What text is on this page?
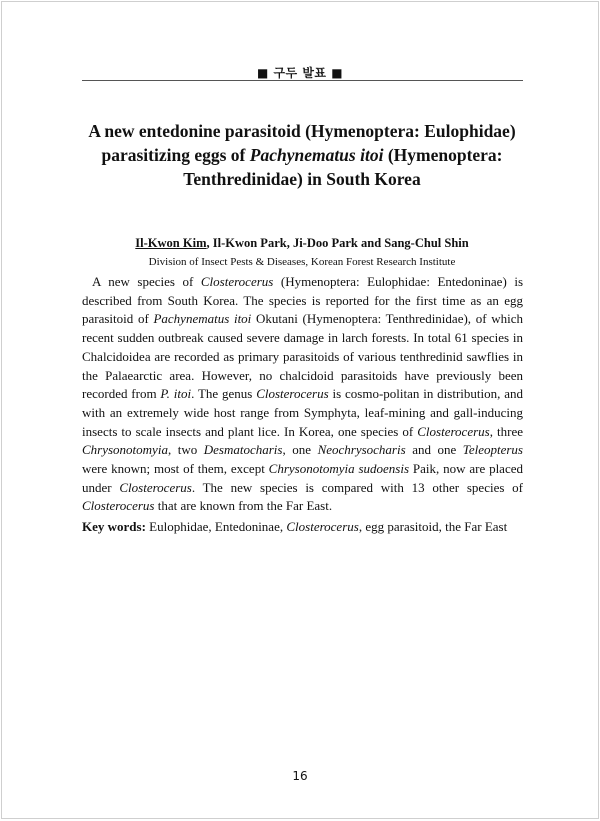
■ 구두 발표 ■
A new entedonine parasitoid (Hymenoptera: Eulophidae) parasitizing eggs of Pachynematus itoi (Hymenoptera: Tenthredinidae) in South Korea
Il-Kwon Kim, Il-Kwon Park, Ji-Doo Park and Sang-Chul Shin
Division of Insect Pests & Diseases, Korean Forest Research Institute
A new species of Closterocerus (Hymenoptera: Eulophidae: Entedoninae) is described from South Korea. The species is reported for the first time as an egg parasitoid of Pachynematus itoi Okutani (Hymenoptera: Tenthredinidae), of which recent sudden outbreak caused severe damage in larch forests. In total 61 species in Chalcidoidea are recorded as primary parasitoids of various tenthredinid sawflies in the Palaearctic area. However, no chalcidoid parasitoids have previously been recorded from P. itoi. The genus Closterocerus is cosmo-politan in distribution, and with an extremely wide host range from Symphyta, leaf-mining and gall-inducing insects to scale insects and plant lice. In Korea, one species of Closterocerus, three Chrysonotomyia, two Desmatocharis, one Neochrysocharis and one Teleopterus were known; most of them, except Chrysonotomyia sudoensis Paik, now are placed under Closterocerus. The new species is compared with 13 other species of Closterocerus that are known from the Far East.
Key words: Eulophidae, Entedoninae, Closterocerus, egg parasitoid, the Far East
16
